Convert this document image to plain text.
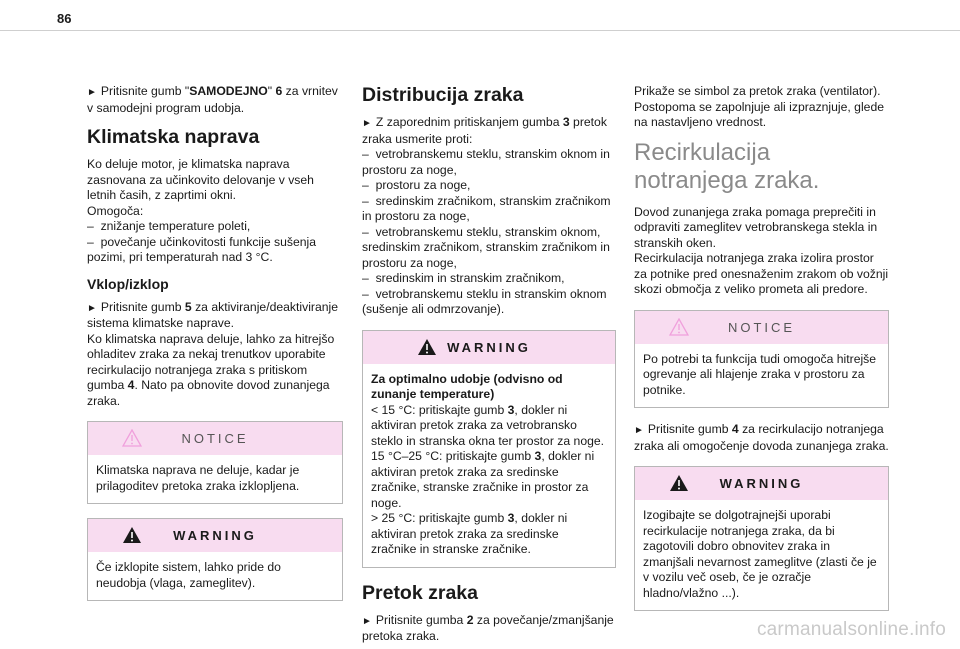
86

► Pritisnite gumb "SAMODEJNO" 6 za vrnitev v samodejni program udobja.

Klimatska naprava

Ko deluje motor, je klimatska naprava zasnovana za učinkovito delovanje v vseh letnih časih, z zaprtimi okni.

Omogoča:

–  znižanje temperature poleti,
–  povečanje učinkovitosti funkcije sušenja pozimi, pri temperaturah nad 3 °C.
Vklop/izklop

► Pritisnite gumb 5 za aktiviranje/deaktiviranje sistema klimatske naprave.

Ko klimatska naprava deluje, lahko za hitrejšo ohladitev zraka za nekaj trenutkov uporabite recirkulacijo notranjega zraka s pritiskom gumba 4. Nato pa obnovite dovod zunanjega zraka.

NOTICE

Klimatska naprava ne deluje, kadar je prilagoditev pretoka zraka izklopljena.

WARNING

Če izklopite sistem, lahko pride do neudobja (vlaga, zameglitev).

Distribucija zraka

► Z zaporednim pritiskanjem gumba 3 pretok zraka usmerite proti:

–  vetrobranskemu steklu, stranskim oknom in prostoru za noge,
–  prostoru za noge,
–  sredinskim zračnikom, stranskim zračnikom in prostoru za noge,
–  vetrobranskemu steklu, stranskim oknom, sredinskim zračnikom, stranskim zračnikom in prostoru za noge,
–  sredinskim in stranskim zračnikom,
–  vetrobranskemu steklu in stranskim oknom (sušenje ali odmrzovanje).
WARNING

Za optimalno udobje (odvisno od zunanje temperature)

< 15 °C: pritiskajte gumb 3, dokler ni aktiviran pretok zraka za vetrobransko steklo in stranska okna ter prostor za noge.

15 °C–25 °C: pritiskajte gumb 3, dokler ni aktiviran pretok zraka za sredinske zračnike, stranske zračnike in prostor za noge.

> 25 °C: pritiskajte gumb 3, dokler ni aktiviran pretok zraka za sredinske zračnike in stranske zračnike.

Pretok zraka

► Pritisnite gumba 2 za povečanje/zmanjšanje pretoka zraka.

Prikaže se simbol za pretok zraka (ventilator). Postopoma se zapolnjuje ali izpraznjuje, glede na nastavljeno vrednost.

Recirkulacija notranjega zraka.

Dovod zunanjega zraka pomaga preprečiti in odpraviti zameglitev vetrobranskega stekla in stranskih oken.

Recirkulacija notranjega zraka izolira prostor za potnike pred onesnaženim zrakom ob vožnji skozi območja z veliko prometa ali predore.

NOTICE

Po potrebi ta funkcija tudi omogoča hitrejše ogrevanje ali hlajenje zraka v prostoru za potnike.

► Pritisnite gumb 4 za recirkulacijo notranjega zraka ali omogočenje dovoda zunanjega zraka.

WARNING

Izogibajte se dolgotrajnejši uporabi recirkulacije notranjega zraka, da bi zagotovili dobro obnovitev zraka in zmanjšali nevarnost zameglitve (zlasti če je v vozilu več oseb, če je ozračje hladno/vlažno ...).

carmanualsonline.info
